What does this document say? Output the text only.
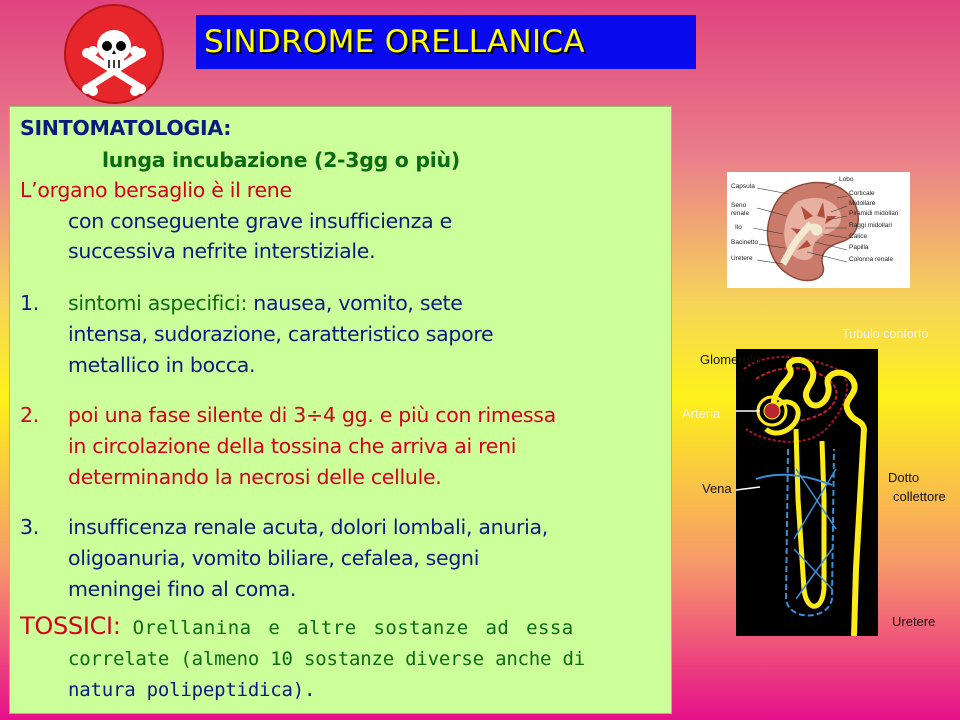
SINDROME ORELLANICA

SINTOMATOLOGIA:

lunga incubazione (2-3gg o più)

L’organo bersaglio è il rene

con conseguente grave insufficienza e

successiva nefrite interstiziale.

1. sintomi aspecifici: nausea, vomito, sete

intensa, sudorazione, caratteristico sapore

metallico in bocca.

2. poi una fase silente di 3÷4 gg. e più con rimessa

in circolazione della tossina che arriva ai reni

determinando la necrosi delle cellule.

3. insufficenza renale acuta, dolori lombali, anuria,

oligoanuria, vomito biliare, cefalea, segni

meningei fino al coma.

TOSSICI: Orellanina e altre sostanze ad essa

correlate (almeno 10 sostanze diverse anche di

natura polipeptidica).

Capsula
Seno renale
Ilo
Bacinetto
Uretere
Lobo
Corticale
Midollare
Piramidi midollari
Raggi midollari
Calice
Papilla
Colonna renale
Tubulo contorto
Glomerulo
Arteria
Vena
Dotto
collettore
Uretere
